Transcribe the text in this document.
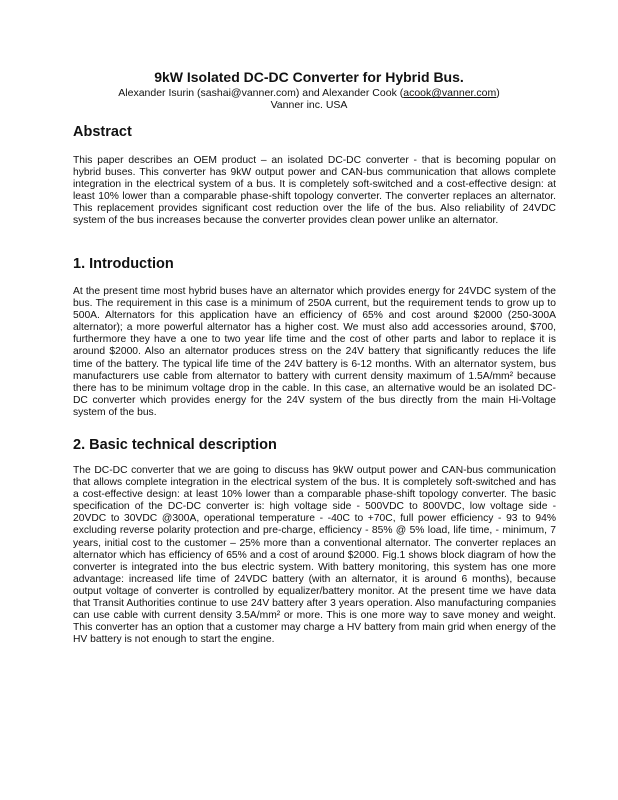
9kW Isolated DC-DC Converter for Hybrid Bus.

Alexander Isurin (sashai@vanner.com) and Alexander Cook (acook@vanner.com)

Vanner inc. USA

Abstract

This paper describes an OEM product – an isolated DC-DC converter - that is becoming popular on hybrid buses. This converter has 9kW output power and CAN-bus communication that allows complete integration in the electrical system of a bus. It is completely soft-switched and a cost-effective design: at least 10% lower than a comparable phase-shift topology converter. The converter replaces an alternator. This replacement provides significant cost reduction over the life of the bus. Also reliability of 24VDC system of the bus increases because the converter provides clean power unlike an alternator.

1. Introduction

At the present time most hybrid buses have an alternator which provides energy for 24VDC system of the bus. The requirement in this case is a minimum of 250A current, but the requirement tends to grow up to 500A. Alternators for this application have an efficiency of 65% and cost around $2000 (250-300A alternator); a more powerful alternator has a higher cost. We must also add accessories around, $700, furthermore they have a one to two year life time and the cost of other parts and labor to replace it is around $2000. Also an alternator produces stress on the 24V battery that significantly reduces the life time of the battery. The typical life time of the 24V battery is 6-12 months. With an alternator system, bus manufacturers use cable from alternator to battery with current density maximum of 1.5A/mm² because there has to be minimum voltage drop in the cable. In this case, an alternative would be an isolated DC-DC converter which provides energy for the 24V system of the bus directly from the main Hi-Voltage system of the bus.

2. Basic technical description

The DC-DC converter that we are going to discuss has 9kW output power and CAN-bus communication that allows complete integration in the electrical system of the bus. It is completely soft-switched and has a cost-effective design: at least 10% lower than a comparable phase-shift topology converter. The basic specification of the DC-DC converter is: high voltage side - 500VDC to 800VDC, low voltage side - 20VDC to 30VDC @300A, operational temperature - -40C to +70C, full power efficiency - 93 to 94% excluding reverse polarity protection and pre-charge, efficiency - 85% @ 5% load, life time, - minimum, 7 years, initial cost to the customer – 25% more than a conventional alternator. The converter replaces an alternator which has efficiency of 65% and a cost of around $2000. Fig.1 shows block diagram of how the converter is integrated into the bus electric system. With battery monitoring, this system has one more advantage: increased life time of 24VDC battery (with an alternator, it is around 6 months), because output voltage of converter is controlled by equalizer/battery monitor. At the present time we have data that Transit Authorities continue to use 24V battery after 3 years operation. Also manufacturing companies can use cable with current density 3.5A/mm² or more. This is one more way to save money and weight. This converter has an option that a customer may charge a HV battery from main grid when energy of the HV battery is not enough to start the engine.
